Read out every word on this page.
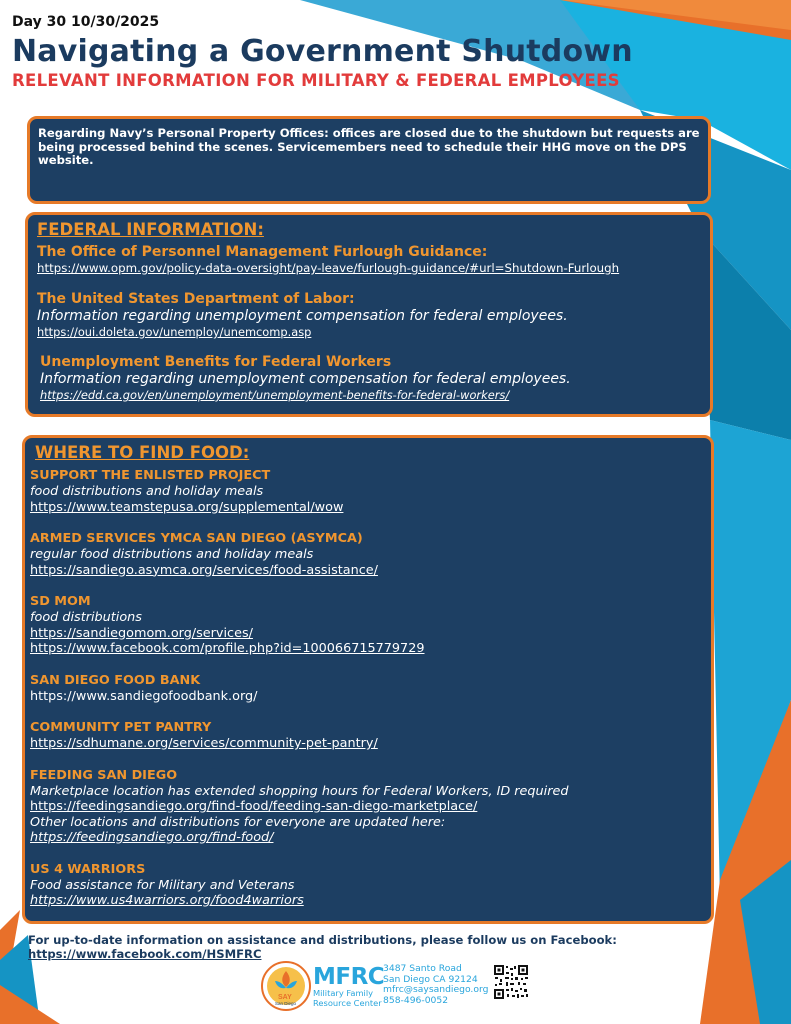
Day 30 10/30/2025

Navigating a Government Shutdown
RELEVANT INFORMATION FOR MILITARY & FEDERAL EMPLOYEES

Regarding Navy’s Personal Property Offices: offices are closed due to the shutdown but requests are being processed behind the scenes. Servicemembers need to schedule their HHG move on the DPS website.

FEDERAL INFORMATION:

The Office of Personnel Management Furlough Guidance:

https://www.opm.gov/policy-data-oversight/pay-leave/furlough-guidance/#url=Shutdown-Furlough

The United States Department of Labor:

Information regarding unemployment compensation for federal employees.

https://oui.doleta.gov/unemploy/unemcomp.asp

Unemployment Benefits for Federal Workers

Information regarding unemployment compensation for federal employees.

https://edd.ca.gov/en/unemployment/unemployment-benefits-for-federal-workers/

WHERE TO FIND FOOD:

SUPPORT THE ENLISTED PROJECT

food distributions and holiday meals

https://www.teamstepusa.org/supplemental/wow

ARMED SERVICES YMCA SAN DIEGO (ASYMCA)

regular food distributions and holiday meals

https://sandiego.asymca.org/services/food-assistance/

SD MOM

food distributions

https://sandiegomom.org/services/
https://www.facebook.com/profile.php?id=100066715779729

SAN DIEGO FOOD BANK

https://www.sandiegofoodbank.org/

COMMUNITY PET PANTRY

https://sdhumane.org/services/community-pet-pantry/

FEEDING SAN DIEGO

Marketplace location has extended shopping hours for Federal Workers, ID required

https://feedingsandiego.org/find-food/feeding-san-diego-marketplace/

Other locations and distributions for everyone are updated here:

https://feedingsandiego.org/find-food/

US 4 WARRIORS

Food assistance for Military and Veterans

https://www.us4warriors.org/food4warriors

For up-to-date information on assistance and distributions, please follow us on Facebook:

https://www.facebook.com/HSMFRC

SAY
San Diego

MFRC

Military Family
Resource Center
3487 Santo Road
San Diego CA 92124
mfrc@saysandiego.org
858-496-0052
